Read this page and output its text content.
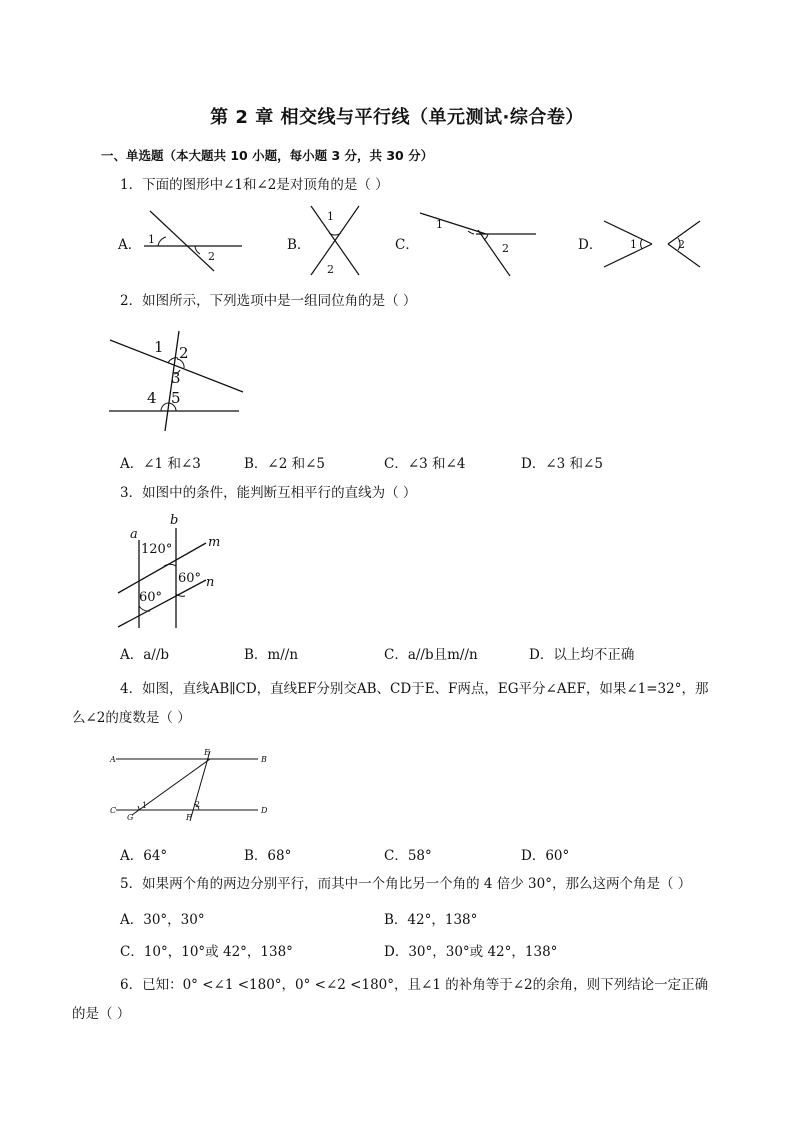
第 2 章 相交线与平行线（单元测试·综合卷）
一、单选题（本大题共 10 小题，每小题 3 分，共 30 分）
1．下面的图形中∠1和∠2是对顶角的是（ ）
A． 1
2
B．
1
2
C．
1
2	D．	1	2
2．如图所示，下列选项中是一组同位角的是（ ）
1 2
3
4 5
A．∠1 和∠3	B．∠2 和∠5	C．∠3 和∠4	D．∠3 和∠5
3．如图中的条件，能判断互相平行的直线为（ ）
a
b
m
n
120°
60°
60°
A．a//b	B．m//n	C．a//b且m//n	D．以上均不正确
4．如图，直线AB∥CD，直线EF分别交AB、CD于E、F两点，EG平分∠AEF，如果∠1=32°，那么∠2的度数是（ ）
A	B
C	D
E
F
G
1	2
A．64°	B．68°	C．58°	D．60°
5．如果两个角的两边分别平行，而其中一个角比另一个角的 4 倍少 30°，那么这两个角是（ ）
A．30°，30°	B．42°，138°
C．10°，10°或 42°，138°	D．30°，30°或 42°，138°
6．已知：0° <∠1 <180°，0° <∠2 <180°，且∠1 的补角等于∠2的余角，则下列结论一定正确的是（ ）
